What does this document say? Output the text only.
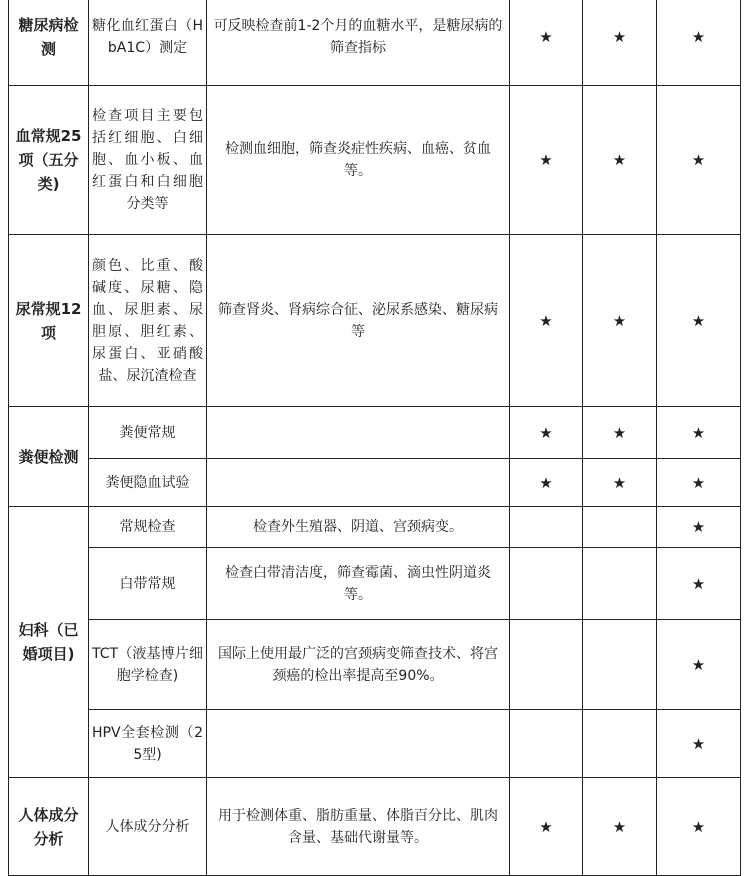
糖尿病检测	糖化血红蛋白（HbA1C）测定	可反映检查前1-2个月的血糖水平，是糖尿病的筛查指标	★	★	★
血常规25项（五分类)	检查项目主要包括红细胞、白细胞、血小板、血红蛋白和白细胞分类等	检测血细胞，筛查炎症性疾病、血癌、贫血等。	★	★	★
尿常规12项	颜色、比重、酸碱度、尿糖、隐血、尿胆素、尿胆原、胆红素、尿蛋白、亚硝酸盐、尿沉渣检查	筛查肾炎、肾病综合征、泌尿系感染、糖尿病等	★	★	★
粪便检测	粪便常规		★	★	★
	粪便隐血试验		★	★	★
妇科（已婚项目)	常规检查	检查外生殖器、阴道、宫颈病变。			★
	白带常规	检查白带清洁度，筛查霉菌、滴虫性阴道炎等。			★
	TCT（液基博片细胞学检查)	国际上使用最广泛的宫颈病变筛查技术、将宫颈癌的检出率提高至90%。			★
	HPV全套检测（25型)				★
人体成分分析	人体成分分析	用于检测体重、脂肪重量、体脂百分比、肌肉含量、基础代谢量等。	★	★	★
